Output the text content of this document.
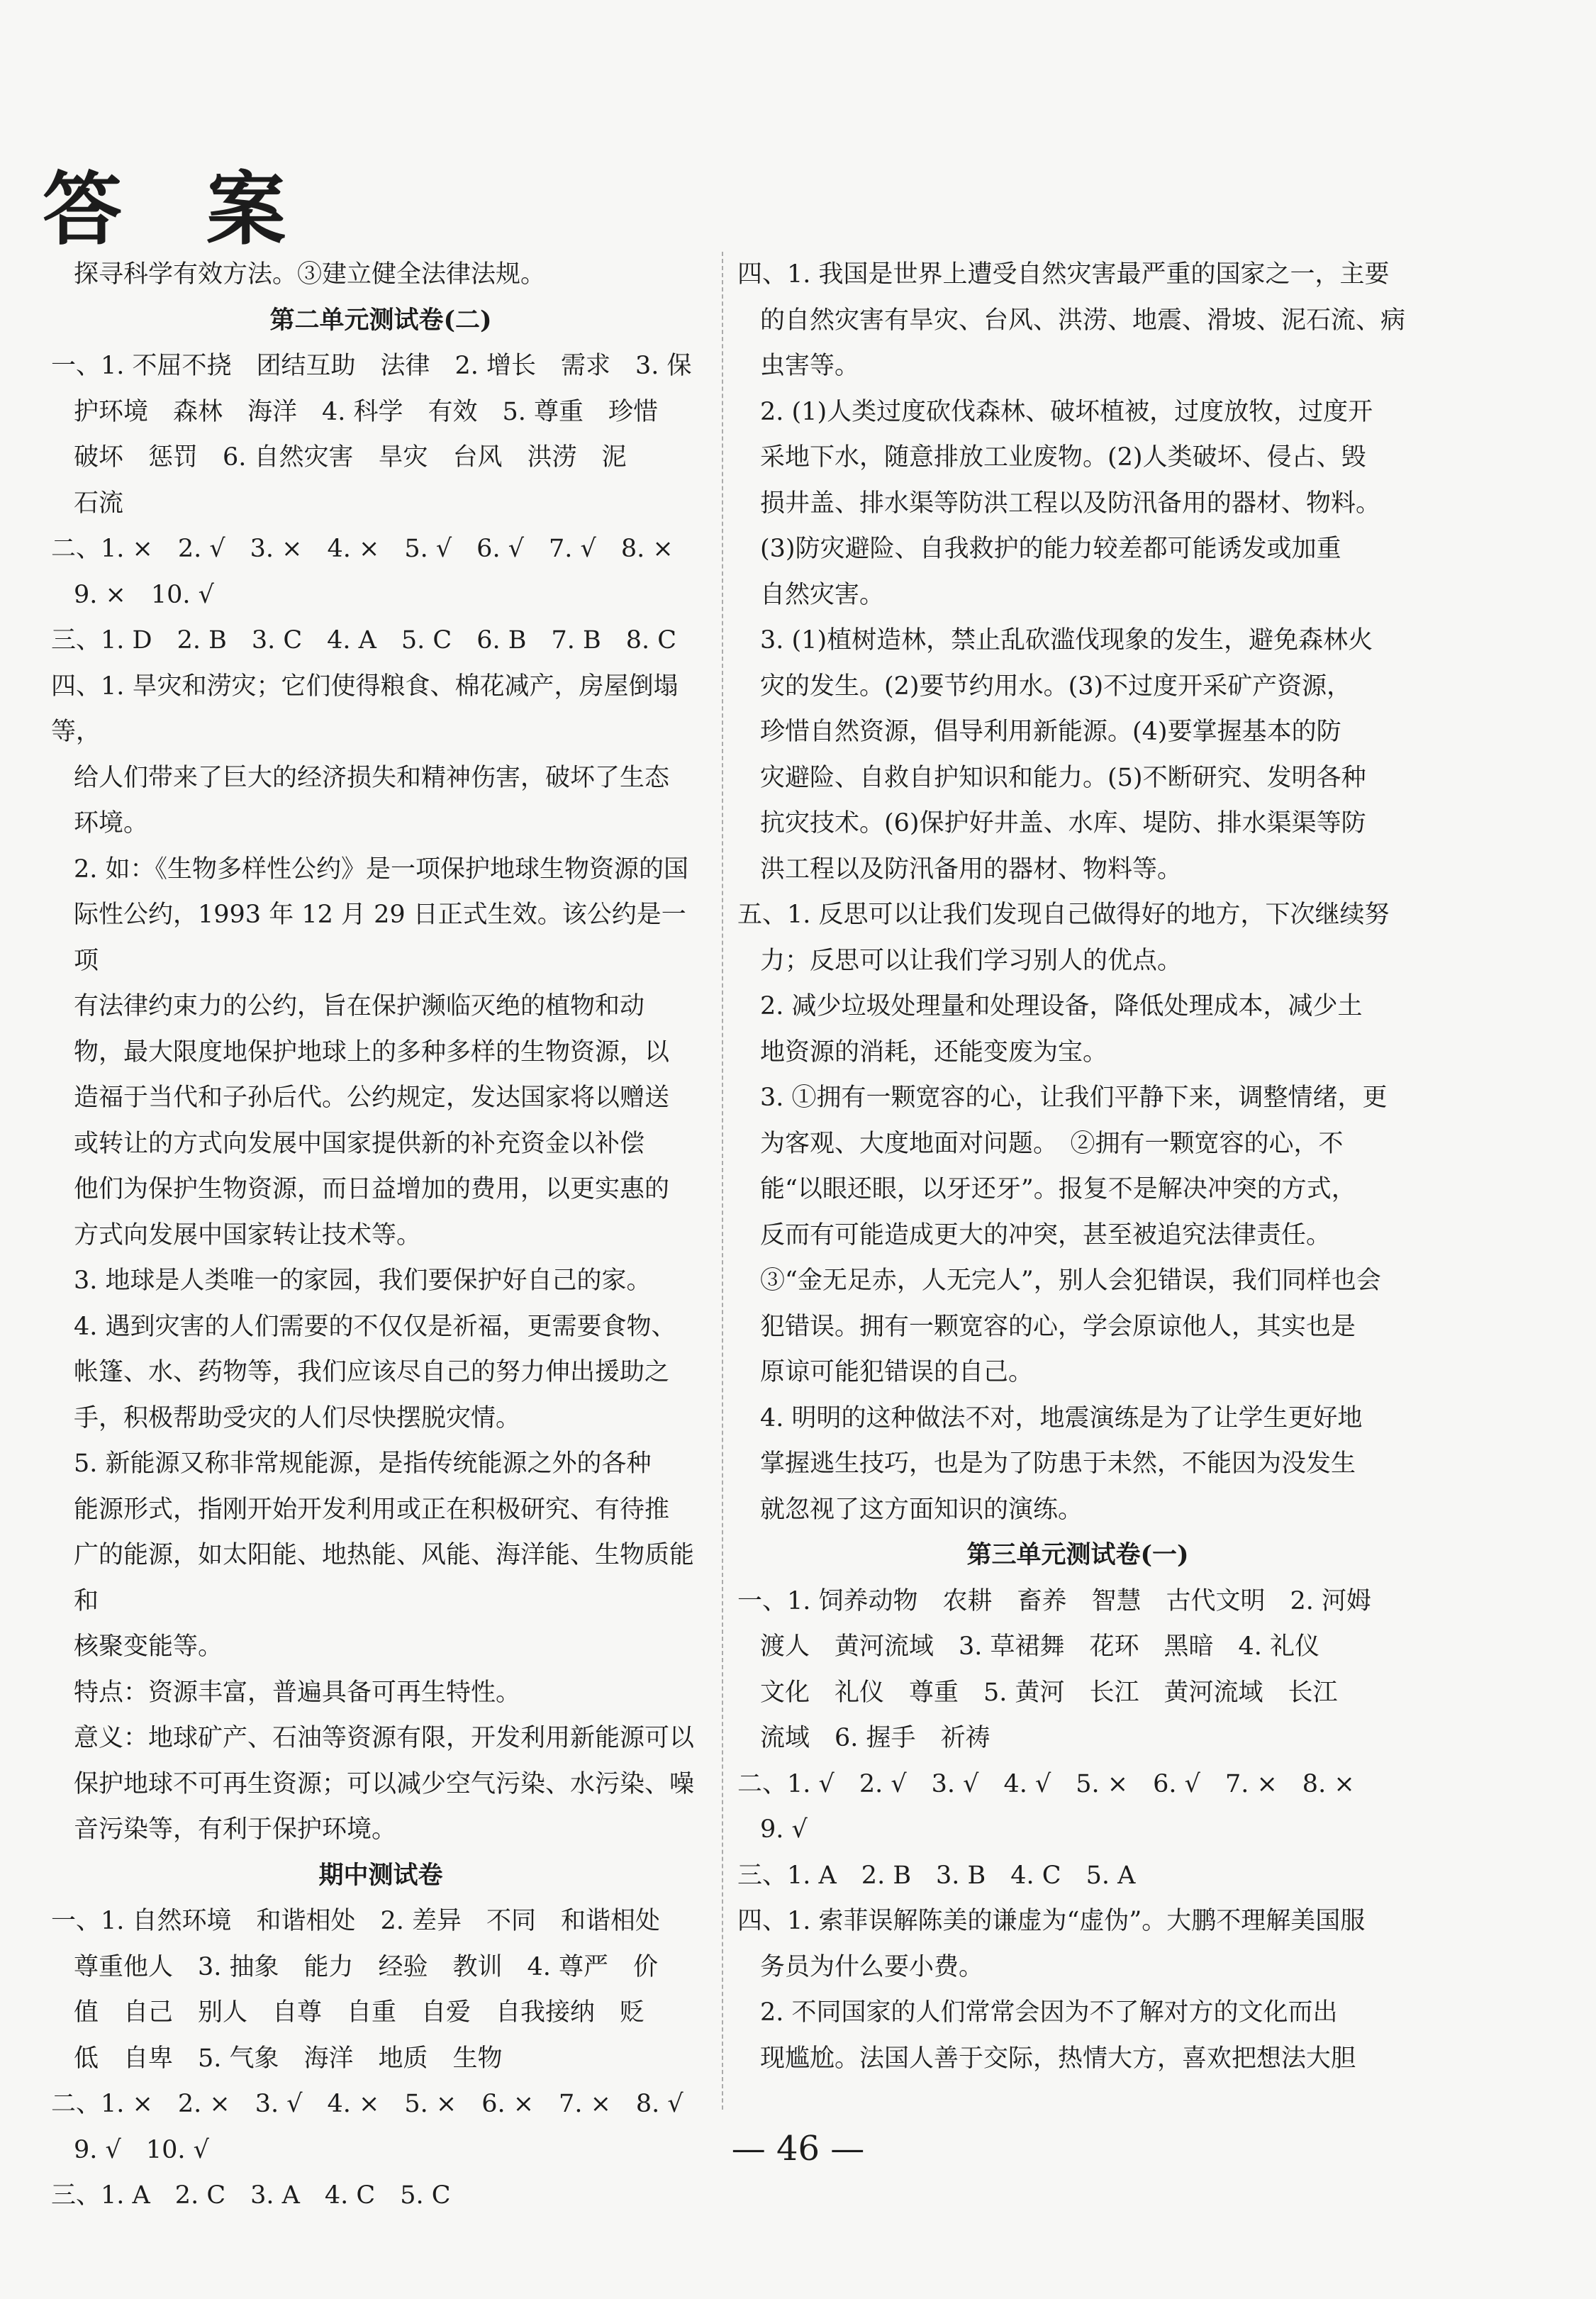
答 案

探寻科学有效方法。③建立健全法律法规。

第二单元测试卷(二)

一、1. 不屈不挠　团结互助　法律　2. 增长　需求　3. 保

护环境　森林　海洋　4. 科学　有效　5. 尊重　珍惜

破坏　惩罚　6. 自然灾害　旱灾　台风　洪涝　泥

石流

二、1. ×　2. √　3. ×　4. ×　5. √　6. √　7. √　8. ×

9. ×　10. √

三、1. D　2. B　3. C　4. A　5. C　6. B　7. B　8. C

四、1. 旱灾和涝灾；它们使得粮食、棉花减产，房屋倒塌等，

给人们带来了巨大的经济损失和精神伤害，破坏了生态

环境。

2. 如：《生物多样性公约》是一项保护地球生物资源的国

际性公约，1993 年 12 月 29 日正式生效。该公约是一项

有法律约束力的公约，旨在保护濒临灭绝的植物和动

物，最大限度地保护地球上的多种多样的生物资源，以

造福于当代和子孙后代。公约规定，发达国家将以赠送

或转让的方式向发展中国家提供新的补充资金以补偿

他们为保护生物资源，而日益增加的费用，以更实惠的

方式向发展中国家转让技术等。

3. 地球是人类唯一的家园，我们要保护好自己的家。

4. 遇到灾害的人们需要的不仅仅是祈福，更需要食物、

帐篷、水、药物等，我们应该尽自己的努力伸出援助之

手，积极帮助受灾的人们尽快摆脱灾情。

5. 新能源又称非常规能源，是指传统能源之外的各种

能源形式，指刚开始开发利用或正在积极研究、有待推

广的能源，如太阳能、地热能、风能、海洋能、生物质能和

核聚变能等。

特点：资源丰富，普遍具备可再生特性。

意义：地球矿产、石油等资源有限，开发利用新能源可以

保护地球不可再生资源；可以减少空气污染、水污染、噪

音污染等，有利于保护环境。

期中测试卷

一、1. 自然环境　和谐相处　2. 差异　不同　和谐相处

尊重他人　3. 抽象　能力　经验　教训　4. 尊严　价

值　自己　别人　自尊　自重　自爱　自我接纳　贬

低　自卑　5. 气象　海洋　地质　生物

二、1. ×　2. ×　3. √　4. ×　5. ×　6. ×　7. ×　8. √

9. √　10. √

三、1. A　2. C　3. A　4. C　5. C

四、1. 我国是世界上遭受自然灾害最严重的国家之一，主要

的自然灾害有旱灾、台风、洪涝、地震、滑坡、泥石流、病

虫害等。

2. (1)人类过度砍伐森林、破坏植被，过度放牧，过度开

采地下水，随意排放工业废物。(2)人类破坏、侵占、毁

损井盖、排水渠等防洪工程以及防汛备用的器材、物料。

(3)防灾避险、自我救护的能力较差都可能诱发或加重

自然灾害。

3. (1)植树造林，禁止乱砍滥伐现象的发生，避免森林火

灾的发生。(2)要节约用水。(3)不过度开采矿产资源，

珍惜自然资源，倡导利用新能源。(4)要掌握基本的防

灾避险、自救自护知识和能力。(5)不断研究、发明各种

抗灾技术。(6)保护好井盖、水库、堤防、排水渠渠等防

洪工程以及防汛备用的器材、物料等。

五、1. 反思可以让我们发现自己做得好的地方，下次继续努

力；反思可以让我们学习别人的优点。

2. 减少垃圾处理量和处理设备，降低处理成本，减少土

地资源的消耗，还能变废为宝。

3. ①拥有一颗宽容的心，让我们平静下来，调整情绪，更

为客观、大度地面对问题。　②拥有一颗宽容的心，不

能“以眼还眼，以牙还牙”。报复不是解决冲突的方式，

反而有可能造成更大的冲突，甚至被追究法律责任。

③“金无足赤，人无完人”，别人会犯错误，我们同样也会

犯错误。拥有一颗宽容的心，学会原谅他人，其实也是

原谅可能犯错误的自己。

4. 明明的这种做法不对，地震演练是为了让学生更好地

掌握逃生技巧，也是为了防患于未然，不能因为没发生

就忽视了这方面知识的演练。

第三单元测试卷(一)

一、1. 饲养动物　农耕　畜养　智慧　古代文明　2. 河姆

渡人　黄河流域　3. 草裙舞　花环　黑暗　4. 礼仪

文化　礼仪　尊重　5. 黄河　长江　黄河流域　长江

流域　6. 握手　祈祷

二、1. √　2. √　3. √　4. √　5. ×　6. √　7. ×　8. ×

9. √

三、1. A　2. B　3. B　4. C　5. A

四、1. 索菲误解陈美的谦虚为“虚伪”。大鹏不理解美国服

务员为什么要小费。

2. 不同国家的人们常常会因为不了解对方的文化而出

现尴尬。法国人善于交际，热情大方，喜欢把想法大胆

— 46 —
